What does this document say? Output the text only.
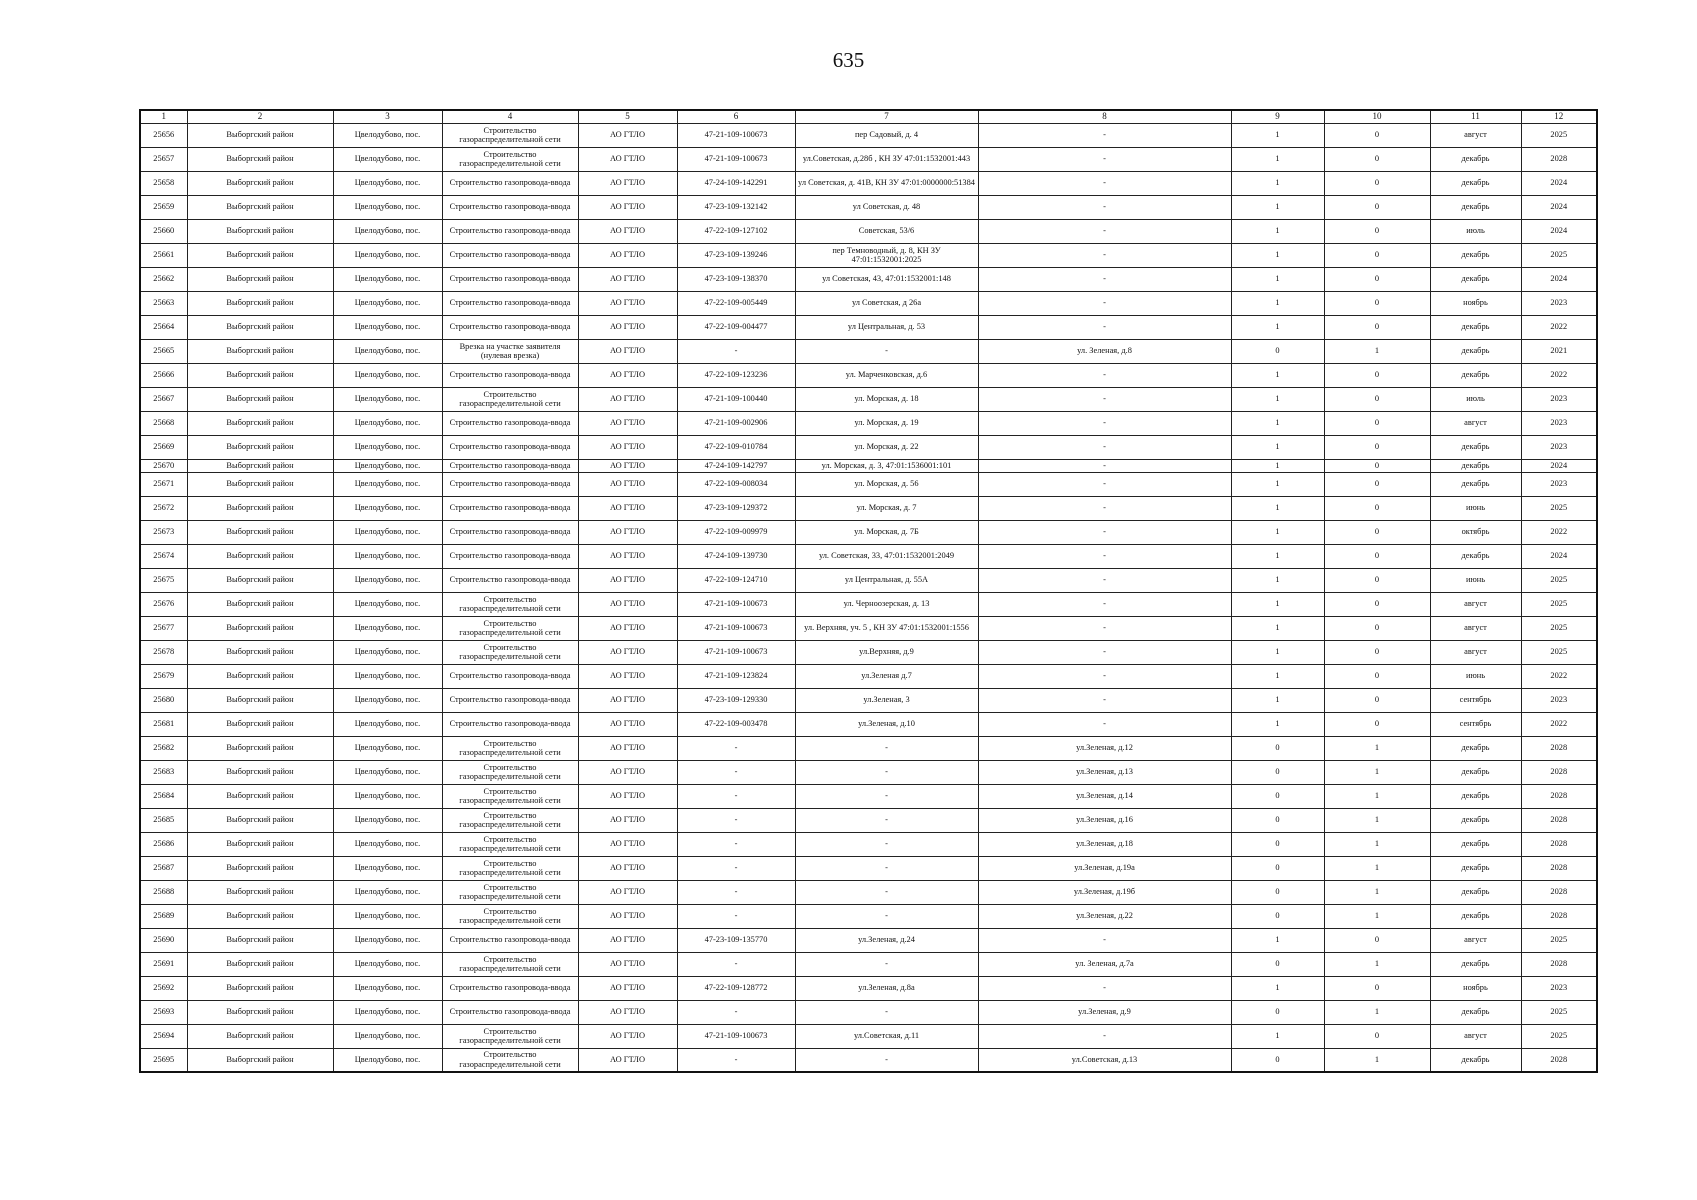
635
1	2	3	4	5	6	7	8	9	10	11	12
25656	Выборгский район	Цвелодубово, пос.	Строительство газораспределительной сети	АО ГТЛО	47-21-109-100673	пер Садовый, д. 4	-	1	0	август	2025
25657	Выборгский район	Цвелодубово, пос.	Строительство газораспределительной сети	АО ГТЛО	47-21-109-100673	ул.Советская, д.28б , КН ЗУ 47:01:1532001:443	-	1	0	декабрь	2028
25658	Выборгский район	Цвелодубово, пос.	Строительство газопровода-ввода	АО ГТЛО	47-24-109-142291	ул Советская, д. 41В, КН ЗУ 47:01:0000000:51384	-	1	0	декабрь	2024
25659	Выборгский район	Цвелодубово, пос.	Строительство газопровода-ввода	АО ГТЛО	47-23-109-132142	ул Советская, д. 48	-	1	0	декабрь	2024
25660	Выборгский район	Цвелодубово, пос.	Строительство газопровода-ввода	АО ГТЛО	47-22-109-127102	Советская, 53/6	-	1	0	июль	2024
25661	Выборгский район	Цвелодубово, пос.	Строительство газопровода-ввода	АО ГТЛО	47-23-109-139246	пер Темноводный, д. 8, КН ЗУ 47:01:1532001:2025	-	1	0	декабрь	2025
25662	Выборгский район	Цвелодубово, пос.	Строительство газопровода-ввода	АО ГТЛО	47-23-109-138370	ул Советская, 43, 47:01:1532001:148	-	1	0	декабрь	2024
25663	Выборгский район	Цвелодубово, пос.	Строительство газопровода-ввода	АО ГТЛО	47-22-109-005449	ул Советская, д 26а	-	1	0	ноябрь	2023
25664	Выборгский район	Цвелодубово, пос.	Строительство газопровода-ввода	АО ГТЛО	47-22-109-004477	ул Центральная, д. 53	-	1	0	декабрь	2022
25665	Выборгский район	Цвелодубово, пос.	Врезка на участке заявителя (нулевая врезка)	АО ГТЛО	-	-	ул. Зеленая, д.8	0	1	декабрь	2021
25666	Выборгский район	Цвелодубово, пос.	Строительство газопровода-ввода	АО ГТЛО	47-22-109-123236	ул. Марченковская, д.6	-	1	0	декабрь	2022
25667	Выборгский район	Цвелодубово, пос.	Строительство газораспределительной сети	АО ГТЛО	47-21-109-100440	ул. Морская, д. 18	-	1	0	июль	2023
25668	Выборгский район	Цвелодубово, пос.	Строительство газопровода-ввода	АО ГТЛО	47-21-109-002906	ул. Морская, д. 19	-	1	0	август	2023
25669	Выборгский район	Цвелодубово, пос.	Строительство газопровода-ввода	АО ГТЛО	47-22-109-010784	ул. Морская, д. 22	-	1	0	декабрь	2023
25670	Выборгский район	Цвелодубово, пос.	Строительство газопровода-ввода	АО ГТЛО	47-24-109-142797	ул. Морская, д. 3, 47:01:1536001:101	-	1	0	декабрь	2024
25671	Выборгский район	Цвелодубово, пос.	Строительство газопровода-ввода	АО ГТЛО	47-22-109-008034	ул. Морская, д. 56	-	1	0	декабрь	2023
25672	Выборгский район	Цвелодубово, пос.	Строительство газопровода-ввода	АО ГТЛО	47-23-109-129372	ул. Морская, д. 7	-	1	0	июнь	2025
25673	Выборгский район	Цвелодубово, пос.	Строительство газопровода-ввода	АО ГТЛО	47-22-109-009979	ул. Морская, д. 7Б	-	1	0	октябрь	2022
25674	Выборгский район	Цвелодубово, пос.	Строительство газопровода-ввода	АО ГТЛО	47-24-109-139730	ул. Советская, 33, 47:01:1532001:2049	-	1	0	декабрь	2024
25675	Выборгский район	Цвелодубово, пос.	Строительство газопровода-ввода	АО ГТЛО	47-22-109-124710	ул Центральная, д. 55А	-	1	0	июнь	2025
25676	Выборгский район	Цвелодубово, пос.	Строительство газораспределительной сети	АО ГТЛО	47-21-109-100673	ул. Черноозерская, д. 13	-	1	0	август	2025
25677	Выборгский район	Цвелодубово, пос.	Строительство газораспределительной сети	АО ГТЛО	47-21-109-100673	ул. Верхняя, уч. 5 , КН ЗУ 47:01:1532001:1556	-	1	0	август	2025
25678	Выборгский район	Цвелодубово, пос.	Строительство газораспределительной сети	АО ГТЛО	47-21-109-100673	ул.Верхняя, д.9	-	1	0	август	2025
25679	Выборгский район	Цвелодубово, пос.	Строительство газопровода-ввода	АО ГТЛО	47-21-109-123824	ул.Зеленая д.7	-	1	0	июнь	2022
25680	Выборгский район	Цвелодубово, пос.	Строительство газопровода-ввода	АО ГТЛО	47-23-109-129330	ул.Зеленая, 3	-	1	0	сентябрь	2023
25681	Выборгский район	Цвелодубово, пос.	Строительство газопровода-ввода	АО ГТЛО	47-22-109-003478	ул.Зеленая, д.10	-	1	0	сентябрь	2022
25682	Выборгский район	Цвелодубово, пос.	Строительство газораспределительной сети	АО ГТЛО	-	-	ул.Зеленая, д.12	0	1	декабрь	2028
25683	Выборгский район	Цвелодубово, пос.	Строительство газораспределительной сети	АО ГТЛО	-	-	ул.Зеленая, д.13	0	1	декабрь	2028
25684	Выборгский район	Цвелодубово, пос.	Строительство газораспределительной сети	АО ГТЛО	-	-	ул.Зеленая, д.14	0	1	декабрь	2028
25685	Выборгский район	Цвелодубово, пос.	Строительство газораспределительной сети	АО ГТЛО	-	-	ул.Зеленая, д.16	0	1	декабрь	2028
25686	Выборгский район	Цвелодубово, пос.	Строительство газораспределительной сети	АО ГТЛО	-	-	ул.Зеленая, д.18	0	1	декабрь	2028
25687	Выборгский район	Цвелодубово, пос.	Строительство газораспределительной сети	АО ГТЛО	-	-	ул.Зеленая, д.19а	0	1	декабрь	2028
25688	Выборгский район	Цвелодубово, пос.	Строительство газораспределительной сети	АО ГТЛО	-	-	ул.Зеленая, д.19б	0	1	декабрь	2028
25689	Выборгский район	Цвелодубово, пос.	Строительство газораспределительной сети	АО ГТЛО	-	-	ул.Зеленая, д.22	0	1	декабрь	2028
25690	Выборгский район	Цвелодубово, пос.	Строительство газопровода-ввода	АО ГТЛО	47-23-109-135770	ул.Зеленая, д.24	-	1	0	август	2025
25691	Выборгский район	Цвелодубово, пос.	Строительство газораспределительной сети	АО ГТЛО	-	-	ул. Зеленая, д.7а	0	1	декабрь	2028
25692	Выборгский район	Цвелодубово, пос.	Строительство газопровода-ввода	АО ГТЛО	47-22-109-128772	ул.Зеленая, д.8а	-	1	0	ноябрь	2023
25693	Выборгский район	Цвелодубово, пос.	Строительство газопровода-ввода	АО ГТЛО	-	-	ул.Зеленая, д.9	0	1	декабрь	2025
25694	Выборгский район	Цвелодубово, пос.	Строительство газораспределительной сети	АО ГТЛО	47-21-109-100673	ул.Советская, д.11	-	1	0	август	2025
25695	Выборгский район	Цвелодубово, пос.	Строительство газораспределительной сети	АО ГТЛО	-	-	ул.Советская, д.13	0	1	декабрь	2028
